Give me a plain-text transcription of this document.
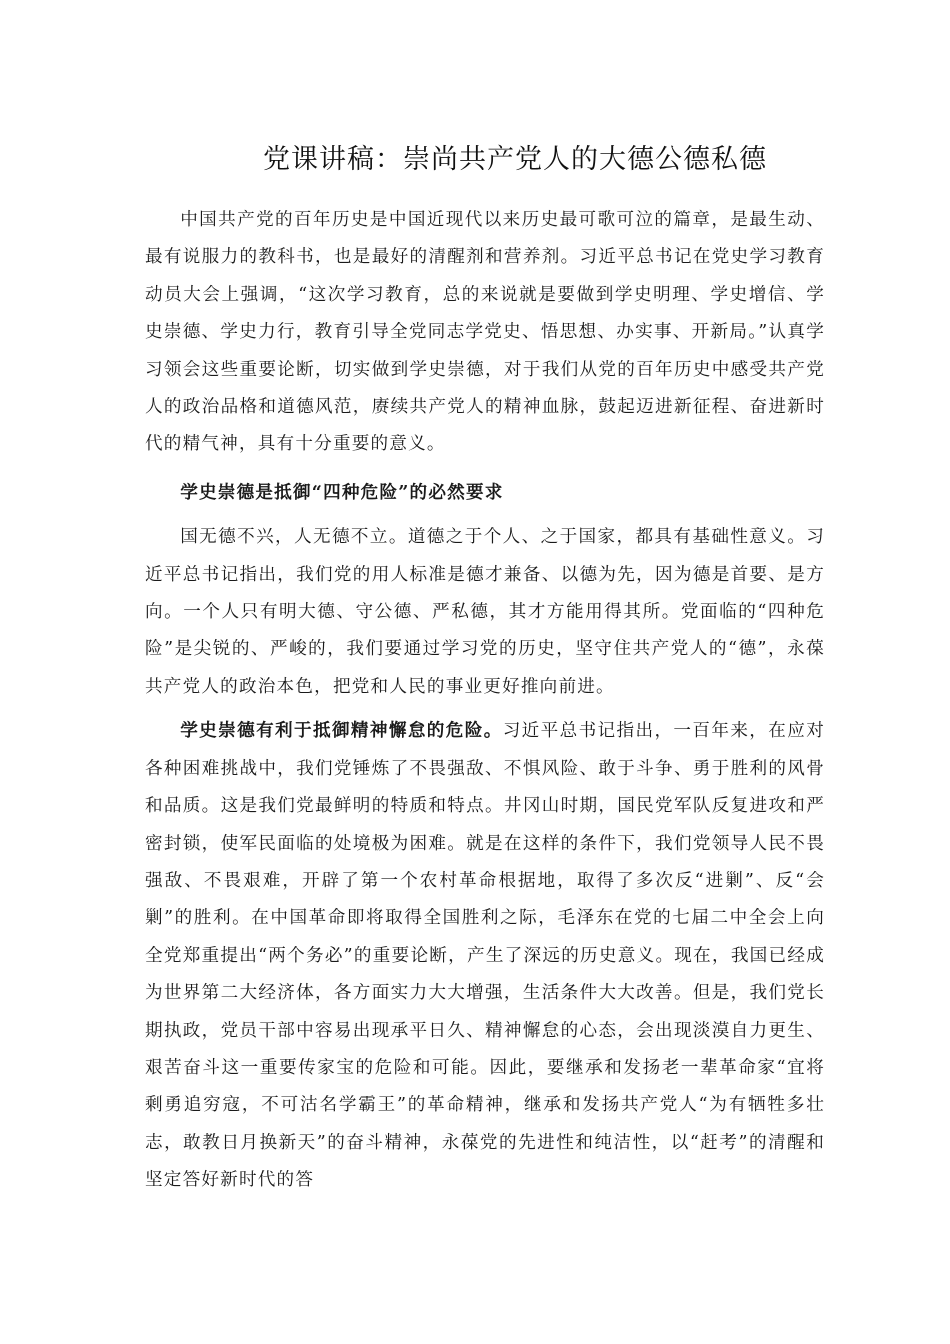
党课讲稿：崇尚共产党人的大德公德私德

中国共产党的百年历史是中国近现代以来历史最可歌可泣的篇章，是最生动、最有说服力的教科书，也是最好的清醒剂和营养剂。习近平总书记在党史学习教育动员大会上强调，“这次学习教育，总的来说就是要做到学史明理、学史增信、学史崇德、学史力行，教育引导全党同志学党史、悟思想、办实事、开新局。”认真学习领会这些重要论断，切实做到学史崇德，对于我们从党的百年历史中感受共产党人的政治品格和道德风范，赓续共产党人的精神血脉，鼓起迈进新征程、奋进新时代的精气神，具有十分重要的意义。

学史崇德是抵御“四种危险”的必然要求

国无德不兴，人无德不立。道德之于个人、之于国家，都具有基础性意义。习近平总书记指出，我们党的用人标准是德才兼备、以德为先，因为德是首要、是方向。一个人只有明大德、守公德、严私德，其才方能用得其所。党面临的“四种危险”是尖锐的、严峻的，我们要通过学习党的历史，坚守住共产党人的“德”，永葆共产党人的政治本色，把党和人民的事业更好推向前进。

学史崇德有利于抵御精神懈怠的危险。习近平总书记指出，一百年来，在应对各种困难挑战中，我们党锤炼了不畏强敌、不惧风险、敢于斗争、勇于胜利的风骨和品质。这是我们党最鲜明的特质和特点。井冈山时期，国民党军队反复进攻和严密封锁，使军民面临的处境极为困难。就是在这样的条件下，我们党领导人民不畏强敌、不畏艰难，开辟了第一个农村革命根据地，取得了多次反“进剿”、反“会剿”的胜利。在中国革命即将取得全国胜利之际，毛泽东在党的七届二中全会上向全党郑重提出“两个务必”的重要论断，产生了深远的历史意义。现在，我国已经成为世界第二大经济体，各方面实力大大增强，生活条件大大改善。但是，我们党长期执政，党员干部中容易出现承平日久、精神懈怠的心态，会出现淡漠自力更生、艰苦奋斗这一重要传家宝的危险和可能。因此，要继承和发扬老一辈革命家“宜将剩勇追穷寇，不可沽名学霸王”的革命精神，继承和发扬共产党人“为有牺牲多壮志，敢教日月换新天”的奋斗精神，永葆党的先进性和纯洁性，以“赶考”的清醒和坚定答好新时代的答
